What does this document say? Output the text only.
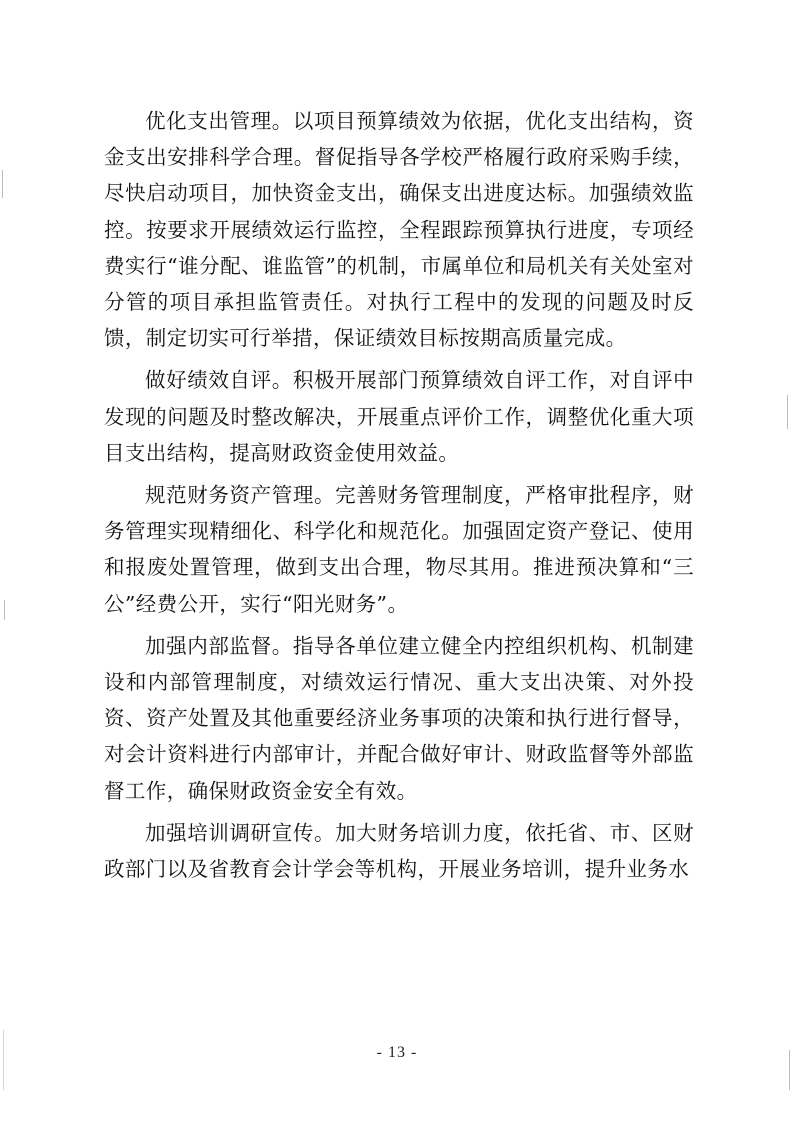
优化支出管理。以项目预算绩效为依据，优化支出结构，资金支出安排科学合理。督促指导各学校严格履行政府采购手续，尽快启动项目，加快资金支出，确保支出进度达标。加强绩效监控。按要求开展绩效运行监控，全程跟踪预算执行进度，专项经费实行“谁分配、谁监管”的机制，市属单位和局机关有关处室对分管的项目承担监管责任。对执行工程中的发现的问题及时反馈，制定切实可行举措，保证绩效目标按期高质量完成。

做好绩效自评。积极开展部门预算绩效自评工作，对自评中发现的问题及时整改解决，开展重点评价工作，调整优化重大项目支出结构，提高财政资金使用效益。

规范财务资产管理。完善财务管理制度，严格审批程序，财务管理实现精细化、科学化和规范化。加强固定资产登记、使用和报废处置管理，做到支出合理，物尽其用。推进预决算和“三公”经费公开，实行“阳光财务”。

加强内部监督。指导各单位建立健全内控组织机构、机制建设和内部管理制度，对绩效运行情况、重大支出决策、对外投资、资产处置及其他重要经济业务事项的决策和执行进行督导，对会计资料进行内部审计，并配合做好审计、财政监督等外部监督工作，确保财政资金安全有效。

加强培训调研宣传。加大财务培训力度，依托省、市、区财政部门以及省教育会计学会等机构，开展业务培训，提升业务水

- 13 -
